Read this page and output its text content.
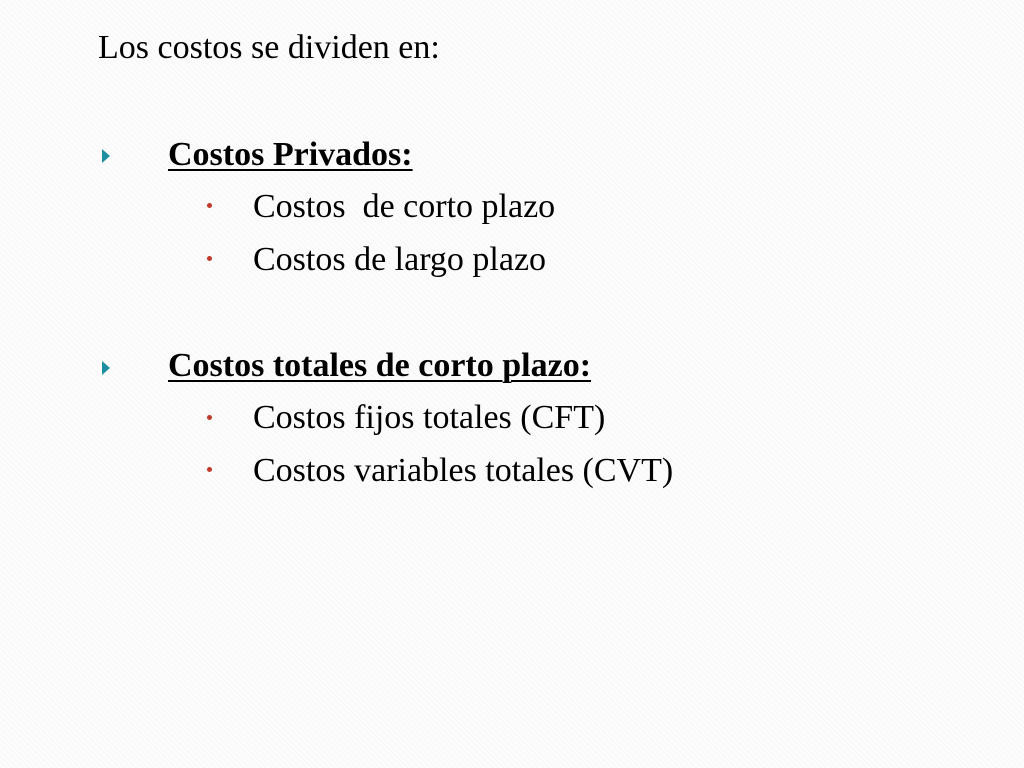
Los costos se dividen en:
Costos Privados:
Costos  de corto plazo
Costos de largo plazo
Costos totales de corto plazo:
Costos fijos totales (CFT)
Costos variables totales (CVT)
